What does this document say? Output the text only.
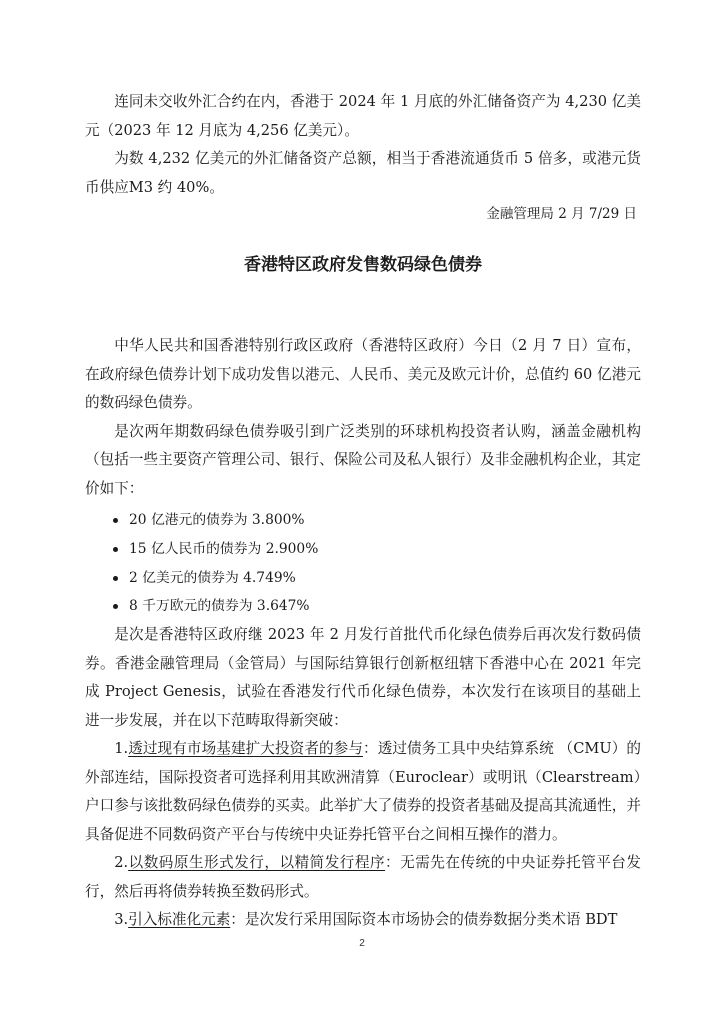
连同未交收外汇合约在内，香港于 2024 年 1 月底的外汇储备资产为 4,230 亿美元（2023 年 12 月底为 4,256 亿美元）。

为数 4,232 亿美元的外汇储备资产总额，相当于香港流通货币 5 倍多，或港元货币供应M3 约 40%。

金融管理局 2 月 7/29 日
香港特区政府发售数码绿色债券

中华人民共和国香港特别行政区政府（香港特区政府）今日（2 月 7 日）宣布，在政府绿色债券计划下成功发售以港元、人民币、美元及欧元计价，总值约 60 亿港元的数码绿色债券。

是次两年期数码绿色债券吸引到广泛类别的环球机构投资者认购，涵盖金融机构（包括一些主要资产管理公司、银行、保险公司及私人银行）及非金融机构企业，其定价如下：

20 亿港元的债券为 3.800%
15 亿人民币的债券为 2.900%
2 亿美元的债券为 4.749%
8 千万欧元的债券为 3.647%

是次是香港特区政府继 2023 年 2 月发行首批代币化绿色债券后再次发行数码债券。香港金融管理局（金管局）与国际结算银行创新枢纽辖下香港中心在 2021 年完成 Project Genesis，试验在香港发行代币化绿色债券，本次发行在该项目的基础上进一步发展，并在以下范畴取得新突破：

1.透过现有市场基建扩大投资者的参与：透过债务工具中央结算系统 （CMU）的外部连结，国际投资者可选择利用其欧洲清算（Euroclear）或明讯（Clearstream）户口参与该批数码绿色债券的买卖。此举扩大了债券的投资者基础及提高其流通性，并具备促进不同数码资产平台与传统中央证券托管平台之间相互操作的潜力。

2.以数码原生形式发行，以精简发行程序：无需先在传统的中央证券托管平台发行，然后再将债券转换至数码形式。

3.引入标准化元素：是次发行采用国际资本市场协会的债券数据分类术语 BDT

2
